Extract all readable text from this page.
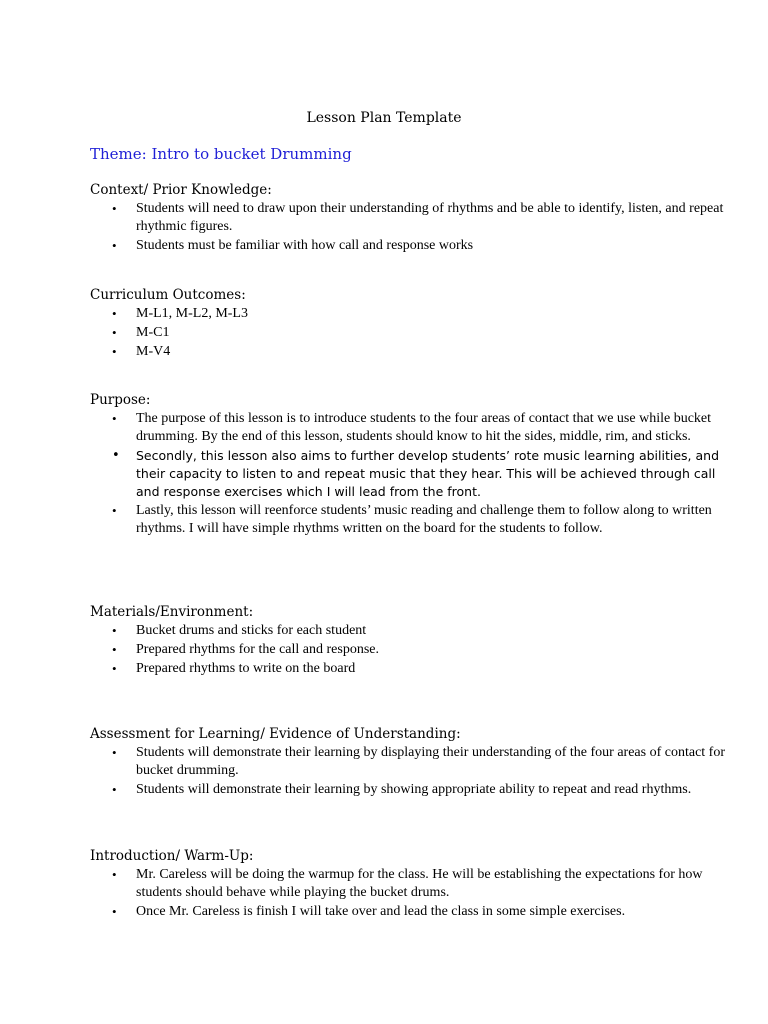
Lesson Plan Template
Theme: Intro to bucket Drumming

Context/ Prior Knowledge:

• Students will need to draw upon their understanding of rhythms and be able to identify, listen, and repeat rhythmic figures.
• Students must be familiar with how call and response works

Curriculum Outcomes:

• M-L1, M-L2, M-L3
• M-C1
• M-V4

Purpose:

• The purpose of this lesson is to introduce students to the four areas of contact that we use while bucket drumming. By the end of this lesson, students should know to hit the sides, middle, rim, and sticks.
• Secondly, this lesson also aims to further develop students’ rote music learning abilities, and their capacity to listen to and repeat music that they hear. This will be achieved through call and response exercises which I will lead from the front.
• Lastly, this lesson will reenforce students’ music reading and challenge them to follow along to written rhythms. I will have simple rhythms written on the board for the students to follow.

Materials/Environment:

• Bucket drums and sticks for each student
• Prepared rhythms for the call and response.
• Prepared rhythms to write on the board

Assessment for Learning/ Evidence of Understanding:

• Students will demonstrate their learning by displaying their understanding of the four areas of contact for bucket drumming.
• Students will demonstrate their learning by showing appropriate ability to repeat and read rhythms.

Introduction/ Warm-Up:

• Mr. Careless will be doing the warmup for the class. He will be establishing the expectations for how students should behave while playing the bucket drums.
• Once Mr. Careless is finish I will take over and lead the class in some simple exercises.
